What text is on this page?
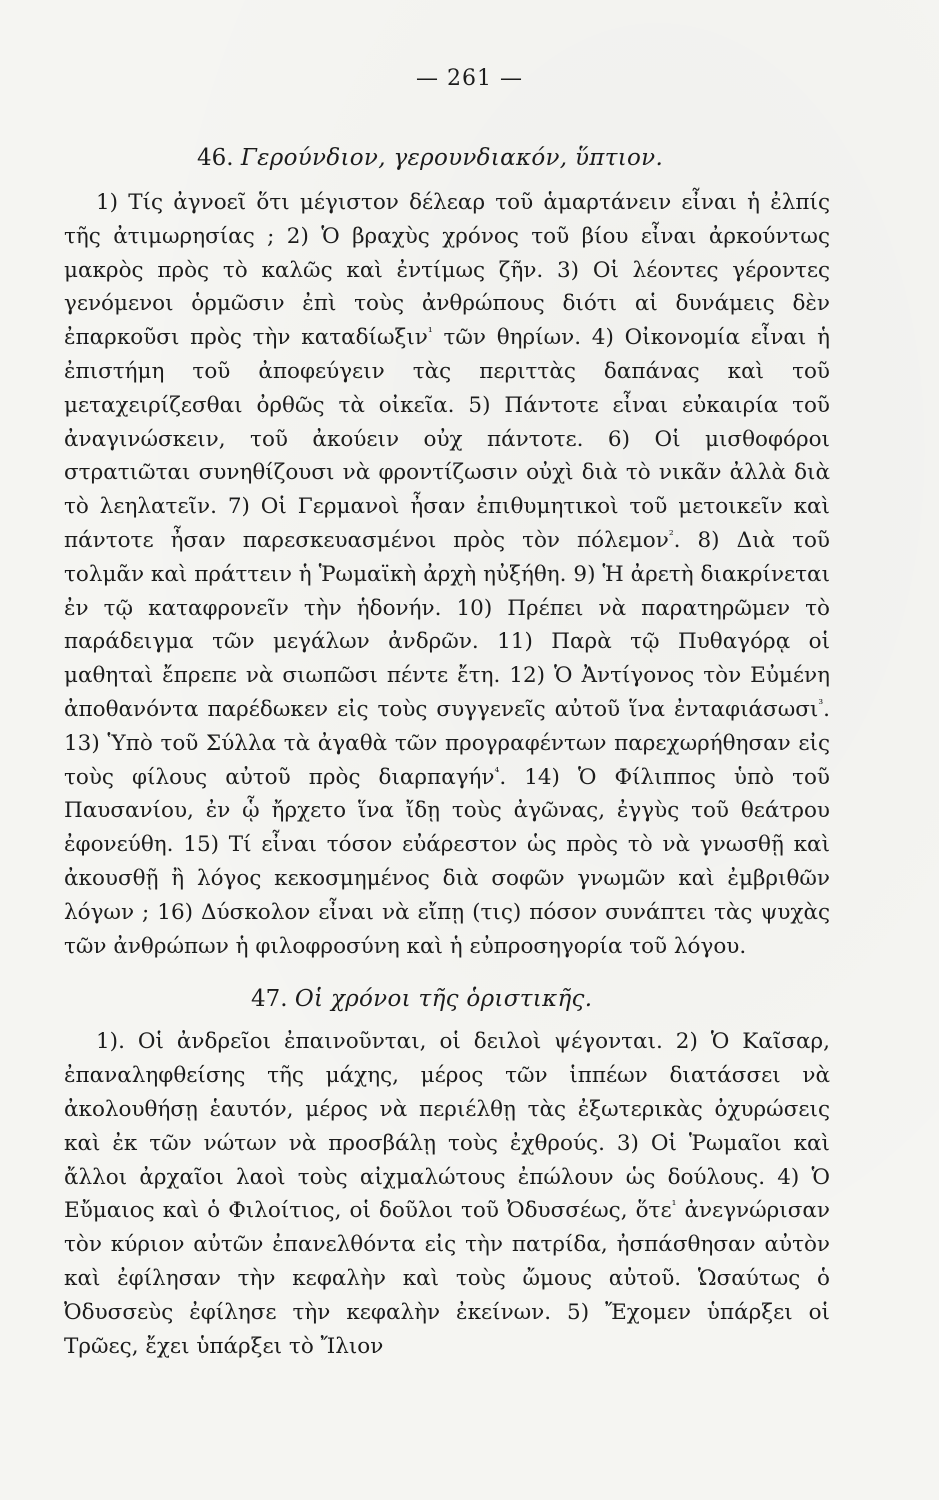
— 261 —
46. Γερούνδιον, γερουνδιακόν, ὕπτιον.

1) Τίς ἀγνοεῖ ὅτι μέγιστον δέλεαρ τοῦ ἁμαρτάνειν εἶναι ἡ ἐλπίς τῆς ἀτιμωρησίας ; 2) Ὁ βραχὺς χρόνος τοῦ βίου εἶναι ἀρκούντως μακρὸς πρὸς τὸ καλῶς καὶ ἐντίμως ζῆν. 3) Οἱ λέοντες γέροντες γενόμενοι ὁρμῶσιν ἐπὶ τοὺς ἀνθρώπους διότι αἱ δυνάμεις δὲν ἐπαρκοῦσι πρὸς τὴν καταδίωξιν$^{^1}$ τῶν θηρίων. 4) Οἰκονομία εἶναι ἡ ἐπιστήμη τοῦ ἀποφεύγειν τὰς περιττὰς δαπάνας καὶ τοῦ μεταχειρίζεσθαι ὀρθῶς τὰ οἰκεῖα. 5) Πάντοτε εἶναι εὐκαιρία τοῦ ἀναγινώσκειν, τοῦ ἀκούειν οὐχ πάντοτε. 6) Οἱ μισθοφόροι στρατιῶται συνηθίζουσι νὰ φροντίζωσιν οὐχὶ διὰ τὸ νικᾶν ἀλλὰ διὰ τὸ λεηλατεῖν. 7) Οἱ Γερμανοὶ ἦσαν ἐπιθυμητικοὶ τοῦ μετοικεῖν καὶ πάντοτε ἦσαν παρεσκευασμένοι πρὸς τὸν πόλεμον$^{^2}$. 8) Διὰ τοῦ τολμᾶν καὶ πράττειν ἡ Ῥωμαϊκὴ ἀρχὴ ηὐξήθη. 9) Ἡ ἀρετὴ διακρίνεται ἐν τῷ καταφρονεῖν τὴν ἡδονήν. 10) Πρέπει νὰ παρατηρῶμεν τὸ παράδειγμα τῶν μεγάλων ἀνδρῶν. 11) Παρὰ τῷ Πυθαγόρᾳ οἱ μαθηταὶ ἔπρεπε νὰ σιωπῶσι πέντε ἔτη. 12) Ὁ Ἀντίγονος τὸν Εὐμένη ἀποθανόντα παρέδωκεν εἰς τοὺς συγγενεῖς αὐτοῦ ἵνα ἐνταφιάσωσι$^{^3}$. 13) Ὑπὸ τοῦ Σύλλα τὰ ἀγαθὰ τῶν προγραφέντων παρεχωρήθησαν εἰς τοὺς φίλους αὐτοῦ πρὸς διαρπαγήν$^{^4}$. 14) Ὁ Φίλιππος ὑπὸ τοῦ Παυσανίου, ἐν ᾧ ἤρχετο ἵνα ἴδῃ τοὺς ἀγῶνας, ἐγγὺς τοῦ θεάτρου ἐφονεύθη. 15) Τί εἶναι τόσον εὐάρεστον ὡς πρὸς τὸ νὰ γνωσθῇ καὶ ἀκουσθῇ ἢ λόγος κεκοσμημένος διὰ σοφῶν γνωμῶν καὶ ἐμβριθῶν λόγων ; 16) Δύσκολον εἶναι νὰ εἴπῃ (τις) πόσον συνάπτει τὰς ψυχὰς τῶν ἀνθρώπων ἡ φιλοφροσύνη καὶ ἡ εὐπροσηγορία τοῦ λόγου.

47. Οἱ χρόνοι τῆς ὁριστικῆς.

1). Οἱ ἀνδρεῖοι ἐπαινοῦνται, οἱ δειλοὶ ψέγονται. 2) Ὁ Καῖσαρ, ἐπαναληφθείσης τῆς μάχης, μέρος τῶν ἱππέων διατάσσει νὰ ἀκολουθήσῃ ἑαυτόν, μέρος νὰ περιέλθῃ τὰς ἐξωτερικὰς ὀχυρώσεις καὶ ἐκ τῶν νώτων νὰ προσβάλῃ τοὺς ἐχθρούς. 3) Οἱ Ῥωμαῖοι καὶ ἄλλοι ἀρχαῖοι λαοὶ τοὺς αἰχμαλώτους ἐπώλουν ὡς δούλους. 4) Ὁ Εὔμαιος καὶ ὁ Φιλοίτιος, οἱ δοῦλοι τοῦ Ὀδυσσέως, ὅτε$^{^1}$ ἀνεγνώρισαν τὸν κύριον αὐτῶν ἐπανελθόντα εἰς τὴν πατρίδα, ἠσπάσθησαν αὐτὸν καὶ ἐφίλησαν τὴν κεφαλὴν καὶ τοὺς ὤμους αὐτοῦ. Ὡσαύτως ὁ Ὀδυσσεὺς ἐφίλησε τὴν κεφαλὴν ἐκείνων. 5) Ἔχομεν ὑπάρξει οἱ Τρῶες, ἔχει ὑπάρξει τὸ Ἴλιον
